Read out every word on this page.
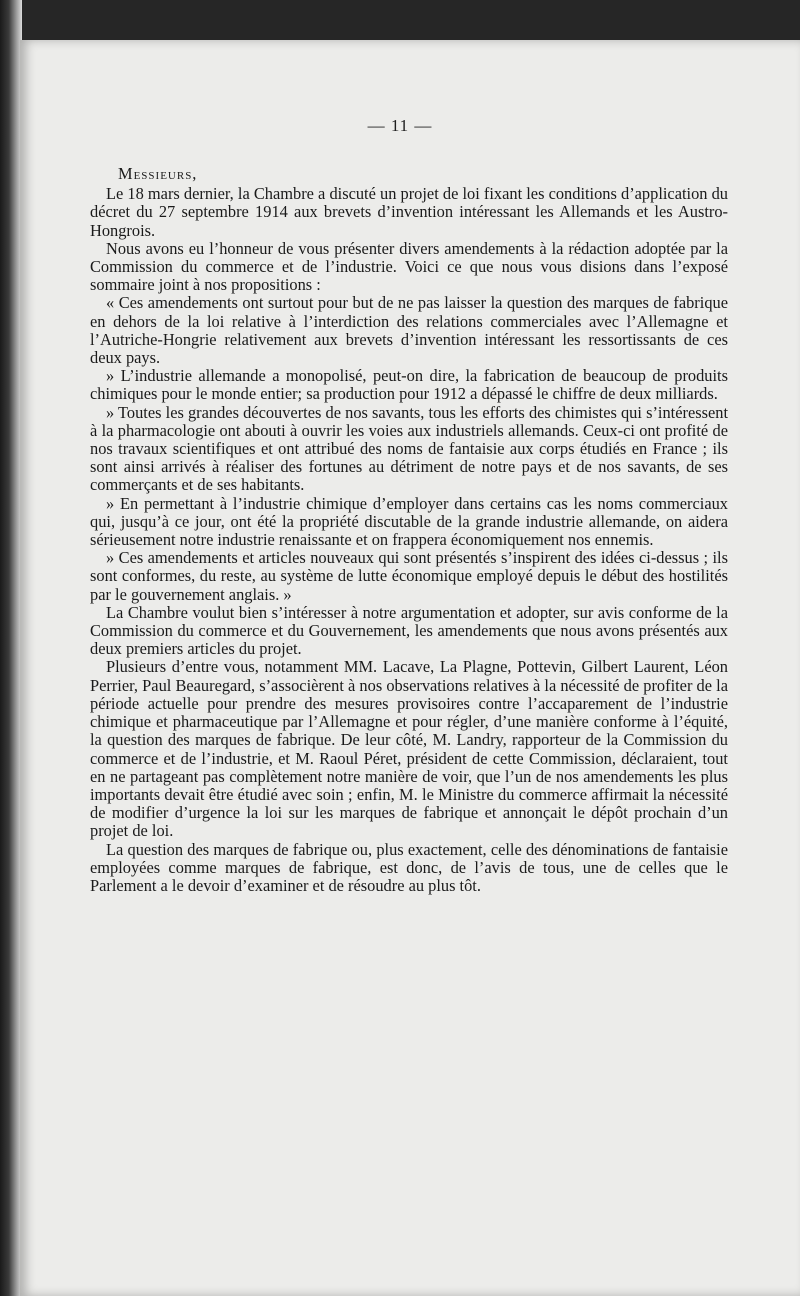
— 11 —

Messieurs,

Le 18 mars dernier, la Chambre a discuté un projet de loi fixant les conditions d’application du décret du 27 septembre 1914 aux brevets d’invention intéressant les Allemands et les Austro-Hongrois.

Nous avons eu l’honneur de vous présenter divers amendements à la rédaction adoptée par la Commission du commerce et de l’industrie. Voici ce que nous vous disions dans l’exposé sommaire joint à nos propositions :

« Ces amendements ont surtout pour but de ne pas laisser la question des marques de fabrique en dehors de la loi relative à l’interdiction des relations commerciales avec l’Allemagne et l’Autriche-Hongrie relativement aux brevets d’invention intéressant les ressortissants de ces deux pays.

» L’industrie allemande a monopolisé, peut-on dire, la fabrication de beaucoup de produits chimiques pour le monde entier; sa production pour 1912 a dépassé le chiffre de deux milliards.

» Toutes les grandes découvertes de nos savants, tous les efforts des chimistes qui s’intéressent à la pharmacologie ont abouti à ouvrir les voies aux industriels allemands. Ceux-ci ont profité de nos travaux scientifiques et ont attribué des noms de fantaisie aux corps étudiés en France ; ils sont ainsi arrivés à réaliser des fortunes au détriment de notre pays et de nos savants, de ses commerçants et de ses habitants.

» En permettant à l’industrie chimique d’employer dans certains cas les noms commerciaux qui, jusqu’à ce jour, ont été la propriété discutable de la grande industrie allemande, on aidera sérieusement notre industrie renaissante et on frappera économiquement nos ennemis.

» Ces amendements et articles nouveaux qui sont présentés s’inspirent des idées ci-dessus ; ils sont conformes, du reste, au système de lutte économique employé depuis le début des hostilités par le gouvernement anglais. »

La Chambre voulut bien s’intéresser à notre argumentation et adopter, sur avis conforme de la Commission du commerce et du Gouvernement, les amendements que nous avons présentés aux deux premiers articles du projet.

Plusieurs d’entre vous, notamment MM. Lacave, La Plagne, Pottevin, Gilbert Laurent, Léon Perrier, Paul Beauregard, s’associèrent à nos observations relatives à la nécessité de profiter de la période actuelle pour prendre des mesures provisoires contre l’accaparement de l’industrie chimique et pharmaceutique par l’Allemagne et pour régler, d’une manière conforme à l’équité, la question des marques de fabrique. De leur côté, M. Landry, rapporteur de la Commission du commerce et de l’industrie, et M. Raoul Péret, président de cette Commission, déclaraient, tout en ne partageant pas complètement notre manière de voir, que l’un de nos amendements les plus importants devait être étudié avec soin ; enfin, M. le Ministre du commerce affirmait la nécessité de modifier d’urgence la loi sur les marques de fabrique et annonçait le dépôt prochain d’un projet de loi.

La question des marques de fabrique ou, plus exactement, celle des dénominations de fantaisie employées comme marques de fabrique, est donc, de l’avis de tous, une de celles que le Parlement a le devoir d’examiner et de résoudre au plus tôt.
